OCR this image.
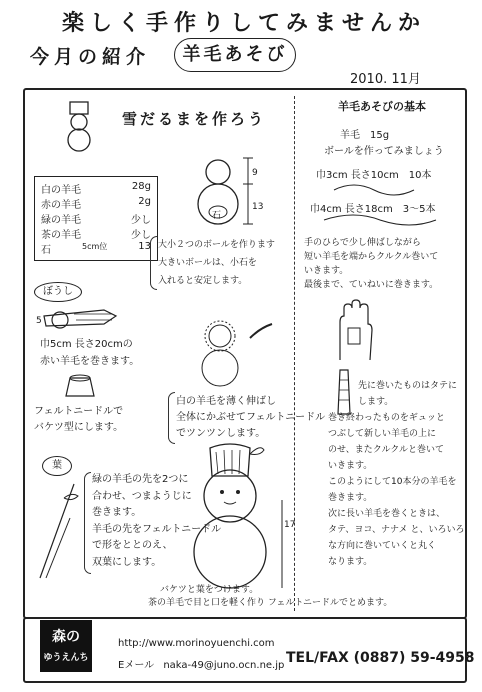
楽しく手作りしてみませんか
今月の紹介	羊毛あそび
2010. 11月
雪だるまを作ろう
白の羊毛	28g
赤の羊毛	2g
緑の羊毛	少し
茶の羊毛	少し
石	5cm位	13
石
9
13
大小２つのボールを作ります
大きいボールは、小石を
入れると安定します。
ぼうし
5
巾5cm 長さ20cmの
赤い羊毛を巻きます。
フェルトニードルで
バケツ型にします。
葉
緑の羊毛の先を2つに
合わせ、つまようじに
巻きます。
羊毛の先をフェルトニードル
で形をととのえ、
双葉にします。
白の羊毛を薄く伸ばし
全体にかぶせてフェルトニードル
でツンツンします。
17
バケツと葉をつけます。
茶の羊毛で目と口を軽く作り フェルトニードルでとめます。
羊毛あそびの基本
羊毛　15g
ボールを作ってみましょう
巾3cm 長さ10cm　10本
巾4cm 長さ18cm　3〜5本
手のひらで少し伸ばしながら
短い羊毛を端からクルクル巻いて
いきます。
最後まで、ていねいに巻きます。
先に巻いたものはタテに
します。
巻き終わったものをギュッと
つぶして新しい羊毛の上に
のせ、またクルクルと巻いて
いきます。
このようにして10本分の羊毛を
巻きます。
次に長い羊毛を巻くときは、
タテ、ヨコ、ナナメ と、いろいろ
な方向に巻いていくと丸く
なります。
森の
ゆうえんち
http://www.morinoyuenchi.com
Eメール naka-49@juno.ocn.ne.jp TEL/FAX (0887) 59-4958
